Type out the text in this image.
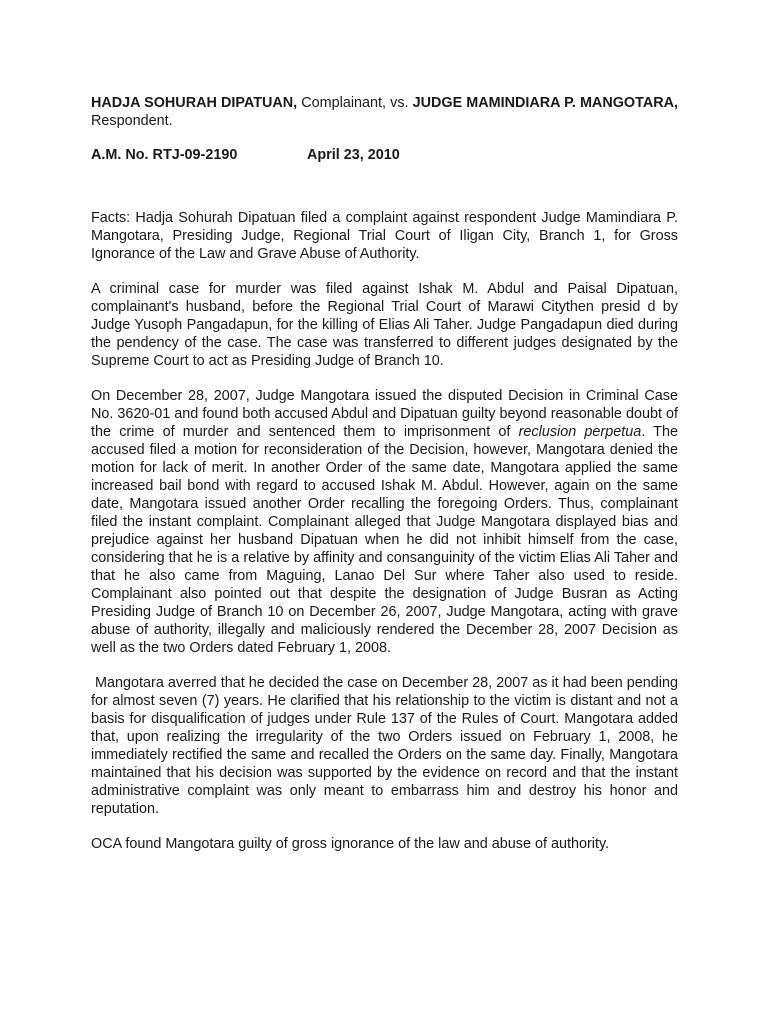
HADJA SOHURAH DIPATUAN, Complainant, vs. JUDGE MAMINDIARA P. MANGOTARA, Respondent.

A.M. No. RTJ-09-2190	April 23, 2010

Facts: Hadja Sohurah Dipatuan filed a complaint against respondent Judge Mamindiara P. Mangotara, Presiding Judge, Regional Trial Court of Iligan City, Branch 1, for Gross Ignorance of the Law and Grave Abuse of Authority.

A criminal case for murder was filed against Ishak M. Abdul and Paisal Dipatuan, complainant's husband, before the Regional Trial Court of Marawi Citythen presid d by Judge Yusoph Pangadapun, for the killing of Elias Ali Taher. Judge Pangadapun died during the pendency of the case. The case was transferred to different judges designated by the Supreme Court to act as Presiding Judge of Branch 10.

On December 28, 2007, Judge Mangotara issued the disputed Decision in Criminal Case No. 3620-01 and found both accused Abdul and Dipatuan guilty beyond reasonable doubt of the crime of murder and sentenced them to imprisonment of reclusion perpetua. The accused filed a motion for reconsideration of the Decision, however, Mangotara denied the motion for lack of merit. In another Order of the same date, Mangotara applied the same increased bail bond with regard to accused Ishak M. Abdul. However, again on the same date, Mangotara issued another Order recalling the foregoing Orders. Thus, complainant filed the instant complaint. Complainant alleged that Judge Mangotara displayed bias and prejudice against her husband Dipatuan when he did not inhibit himself from the case, considering that he is a relative by affinity and consanguinity of the victim Elias Ali Taher and that he also came from Maguing, Lanao Del Sur where Taher also used to reside. Complainant also pointed out that despite the designation of Judge Busran as Acting Presiding Judge of Branch 10 on December 26, 2007, Judge Mangotara, acting with grave abuse of authority, illegally and maliciously rendered the December 28, 2007 Decision as well as the two Orders dated February 1, 2008.

Mangotara averred that he decided the case on December 28, 2007 as it had been pending for almost seven (7) years. He clarified that his relationship to the victim is distant and not a basis for disqualification of judges under Rule 137 of the Rules of Court. Mangotara added that, upon realizing the irregularity of the two Orders issued on February 1, 2008, he immediately rectified the same and recalled the Orders on the same day. Finally, Mangotara maintained that his decision was supported by the evidence on record and that the instant administrative complaint was only meant to embarrass him and destroy his honor and reputation.

OCA found Mangotara guilty of gross ignorance of the law and abuse of authority.
